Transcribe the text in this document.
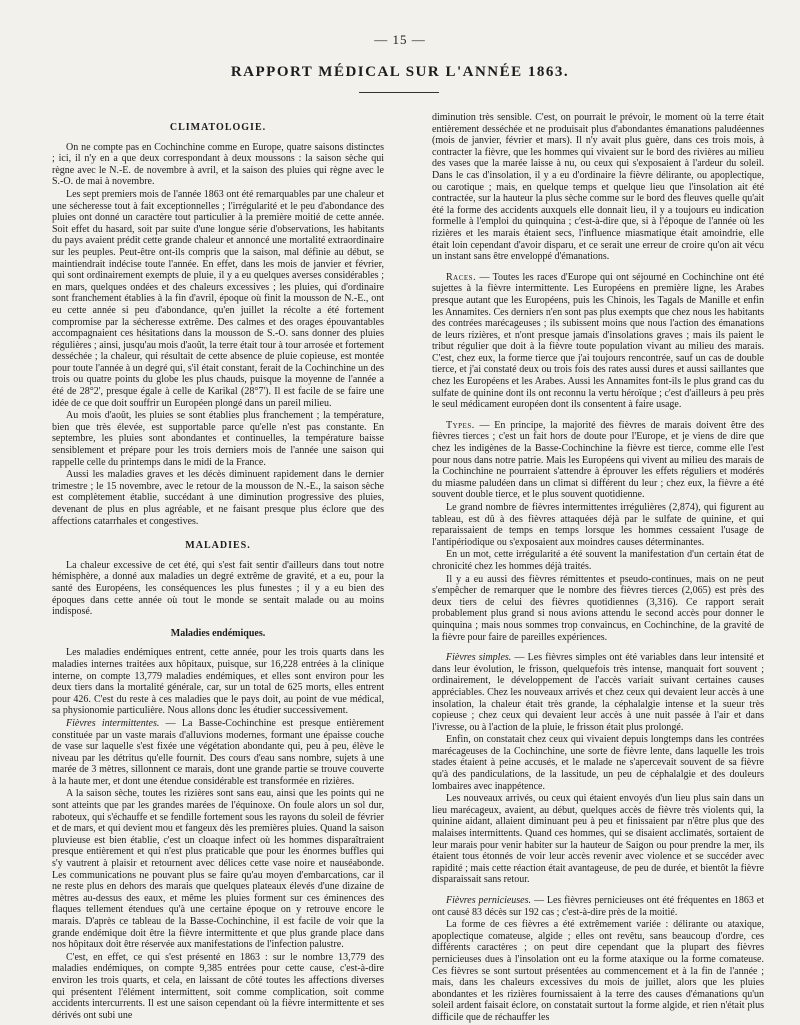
— 15 —
RAPPORT MÉDICAL SUR L'ANNÉE 1863.
CLIMATOLOGIE.

On ne compte pas en Cochinchine comme en Europe, quatre saisons distinctes ; ici, il n'y en a que deux correspondant à deux moussons : la saison sèche qui règne avec le N.-E. de novembre à avril, et la saison des pluies qui règne avec le S.-O. de mai à novembre.

Les sept premiers mois de l'année 1863 ont été remarquables par une chaleur et une sécheresse tout à fait exceptionnelles ; l'irrégularité et le peu d'abondance des pluies ont donné un caractère tout particulier à la première moitié de cette année. Soit effet du hasard, soit par suite d'une longue série d'observations, les habitants du pays avaient prédit cette grande chaleur et annoncé une mortalité extraordinaire sur les peuples. Peut-être ont-ils compris que la saison, mal définie au début, se maintiendrait indécise toute l'année. En effet, dans les mois de janvier et février, qui sont ordinairement exempts de pluie, il y a eu quelques averses considérables ; en mars, quelques ondées et des chaleurs excessives ; les pluies, qui d'ordinaire sont franchement établies à la fin d'avril, époque où finit la mousson de N.-E., ont eu cette année si peu d'abondance, qu'en juillet la récolte a été fortement compromise par la sécheresse extrême. Des calmes et des orages épouvantables accompagnaient ces hésitations dans la mousson de S.-O. sans donner des pluies régulières ; ainsi, jusqu'au mois d'août, la terre était tour à tour arrosée et fortement desséchée ; la chaleur, qui résultait de cette absence de pluie copieuse, est montée pour toute l'année à un degré qui, s'il était constant, ferait de la Cochinchine un des trois ou quatre points du globe les plus chauds, puisque la moyenne de l'année a été de 28°2', presque égale à celle de Karikal (28°7'). Il est facile de se faire une idée de ce que doit souffrir un Européen plongé dans un pareil milieu.

Au mois d'août, les pluies se sont établies plus franchement ; la température, bien que très élevée, est supportable parce qu'elle n'est pas constante. En septembre, les pluies sont abondantes et continuelles, la température baisse sensiblement et prépare pour les trois derniers mois de l'année une saison qui rappelle celle du printemps dans le midi de la France.

Aussi les maladies graves et les décès diminuent rapidement dans le dernier trimestre ; le 15 novembre, avec le retour de la mousson de N.-E., la saison sèche est complètement établie, succédant à une diminution progressive des pluies, devenant de plus en plus agréable, et ne faisant presque plus éclore que des affections catarrhales et congestives.

MALADIES.

La chaleur excessive de cet été, qui s'est fait sentir d'ailleurs dans tout notre hémisphère, a donné aux maladies un degré extrême de gravité, et a eu, pour la santé des Européens, les conséquences les plus funestes ; il y a eu bien des époques dans cette année où tout le monde se sentait malade ou au moins indisposé.

Maladies endémiques.

Les maladies endémiques entrent, cette année, pour les trois quarts dans les maladies internes traitées aux hôpitaux, puisque, sur 16,228 entrées à la clinique interne, on compte 13,779 maladies endémiques, et elles sont environ pour les deux tiers dans la mortalité générale, car, sur un total de 625 morts, elles entrent pour 426. C'est du reste à ces maladies que le pays doit, au point de vue médical, sa physionomie particulière. Nous allons donc les étudier successivement.

Fièvres intermittentes. — La Basse-Cochinchine est presque entièrement constituée par un vaste marais d'alluvions modernes, formant une épaisse couche de vase sur laquelle s'est fixée une végétation abondante qui, peu à peu, élève le niveau par les détritus qu'elle fournit. Des cours d'eau sans nombre, sujets à une marée de 3 mètres, sillonnent ce marais, dont une grande partie se trouve couverte à la haute mer, et dont une étendue considérable est transformée en rizières.

A la saison sèche, toutes les rizières sont sans eau, ainsi que les points qui ne sont atteints que par les grandes marées de l'équinoxe. On foule alors un sol dur, raboteux, qui s'échauffe et se fendille fortement sous les rayons du soleil de février et de mars, et qui devient mou et fangeux dès les premières pluies. Quand la saison pluvieuse est bien établie, c'est un cloaque infect où les hommes disparaîtraient presque entièrement et qui n'est plus praticable que pour les énormes buffles qui s'y vautrent à plaisir et retournent avec délices cette vase noire et nauséabonde. Les communications ne pouvant plus se faire qu'au moyen d'embarcations, car il ne reste plus en dehors des marais que quelques plateaux élevés d'une dizaine de mètres au-dessus des eaux, et même les pluies forment sur ces éminences des flaques tellement étendues qu'à une certaine époque on y retrouve encore le marais. D'après ce tableau de la Basse-Cochinchine, il est facile de voir que la grande endémique doit être la fièvre intermittente et que plus grande place dans nos hôpitaux doit être réservée aux manifestations de l'infection palustre.

C'est, en effet, ce qui s'est présenté en 1863 : sur le nombre 13,779 des maladies endémiques, on compte 9,385 entrées pour cette cause, c'est-à-dire environ les trois quarts, et cela, en laissant de côté toutes les affections diverses qui présentent l'élément intermittent, soit comme complication, soit comme accidents intercurrents. Il est une saison cependant où la fièvre intermittente et ses dérivés ont subi une

diminution très sensible. C'est, on pourrait le prévoir, le moment où la terre était entièrement desséchée et ne produisait plus d'abondantes émanations paludéennes (mois de janvier, février et mars). Il n'y avait plus guère, dans ces trois mois, à contracter la fièvre, que les hommes qui vivaient sur le bord des rivières au milieu des vases que la marée laisse à nu, ou ceux qui s'exposaient à l'ardeur du soleil. Dans le cas d'insolation, il y a eu d'ordinaire la fièvre délirante, ou apoplectique, ou carotique ; mais, en quelque temps et quelque lieu que l'insolation ait été contractée, sur la hauteur la plus sèche comme sur le bord des fleuves quelle qu'ait été la forme des accidents auxquels elle donnait lieu, il y a toujours eu indication formelle à l'emploi du quinquina ; c'est-à-dire que, si à l'époque de l'année où les rizières et les marais étaient secs, l'influence miasmatique était amoindrie, elle était loin cependant d'avoir disparu, et ce serait une erreur de croire qu'on ait vécu un instant sans être enveloppé d'émanations.

Races. — Toutes les races d'Europe qui ont séjourné en Cochinchine ont été sujettes à la fièvre intermittente. Les Européens en première ligne, les Arabes presque autant que les Européens, puis les Chinois, les Tagals de Manille et enfin les Annamites. Ces derniers n'en sont pas plus exempts que chez nous les habitants des contrées marécageuses ; ils subissent moins que nous l'action des émanations de leurs rizières, et n'ont presque jamais d'insolations graves ; mais ils paient le tribut régulier que doit à la fièvre toute population vivant au milieu des marais. C'est, chez eux, la forme tierce que j'ai toujours rencontrée, sauf un cas de double tierce, et j'ai constaté deux ou trois fois des rates aussi dures et aussi saillantes que chez les Européens et les Arabes. Aussi les Annamites font-ils le plus grand cas du sulfate de quinine dont ils ont reconnu la vertu héroïque ; c'est d'ailleurs à peu près le seul médicament européen dont ils consentent à faire usage.

Types. — En principe, la majorité des fièvres de marais doivent être des fièvres tierces ; c'est un fait hors de doute pour l'Europe, et je viens de dire que chez les indigènes de la Basse-Cochinchine la fièvre est tierce, comme elle l'est pour nous dans notre patrie. Mais les Européens qui vivent au milieu des marais de la Cochinchine ne pourraient s'attendre à éprouver les effets réguliers et modérés du miasme paludéen dans un climat si différent du leur ; chez eux, la fièvre a été souvent double tierce, et le plus souvent quotidienne.

Le grand nombre de fièvres intermittentes irrégulières (2,874), qui figurent au tableau, est dû à des fièvres attaquées déjà par le sulfate de quinine, et qui reparaissaient de temps en temps lorsque les hommes cessaient l'usage de l'antipériodique ou s'exposaient aux moindres causes déterminantes.

En un mot, cette irrégularité a été souvent la manifestation d'un certain état de chronicité chez les hommes déjà traités.

Il y a eu aussi des fièvres rémittentes et pseudo-continues, mais on ne peut s'empêcher de remarquer que le nombre des fièvres tierces (2,065) est près des deux tiers de celui des fièvres quotidiennes (3,316). Ce rapport serait probablement plus grand si nous avions attendu le second accès pour donner le quinquina ; mais nous sommes trop convaincus, en Cochinchine, de la gravité de la fièvre pour faire de pareilles expériences.

Fièvres simples. — Les fièvres simples ont été variables dans leur intensité et dans leur évolution, le frisson, quelquefois très intense, manquait fort souvent ; ordinairement, le développement de l'accès variait suivant certaines causes appréciables. Chez les nouveaux arrivés et chez ceux qui devaient leur accès à une insolation, la chaleur était très grande, la céphalalgie intense et la sueur très copieuse ; chez ceux qui devaient leur accès à une nuit passée à l'air et dans l'ivresse, ou à l'action de la pluie, le frisson était plus prolongé.

Enfin, on constatait chez ceux qui vivaient depuis longtemps dans les contrées marécageuses de la Cochinchine, une sorte de fièvre lente, dans laquelle les trois stades étaient à peine accusés, et le malade ne s'apercevait souvent de sa fièvre qu'à des pandiculations, de la lassitude, un peu de céphalalgie et des douleurs lombaires avec inappétence.

Les nouveaux arrivés, ou ceux qui étaient envoyés d'un lieu plus sain dans un lieu marécageux, avaient, au début, quelques accès de fièvre très violents qui, la quinine aidant, allaient diminuant peu à peu et finissaient par n'être plus que des malaises intermittents. Quand ces hommes, qui se disaient acclimatés, sortaient de leur marais pour venir habiter sur la hauteur de Saigon ou pour prendre la mer, ils étaient tous étonnés de voir leur accès revenir avec violence et se succéder avec rapidité ; mais cette réaction était avantageuse, de peu de durée, et bientôt la fièvre disparaissait sans retour.

Fièvres pernicieuses. — Les fièvres pernicieuses ont été fréquentes en 1863 et ont causé 83 décès sur 192 cas ; c'est-à-dire près de la moitié.

La forme de ces fièvres a été extrêmement variée : délirante ou ataxique, apoplectique comateuse, algide ; elles ont revêtu, sans beaucoup d'ordre, ces différents caractères ; on peut dire cependant que la plupart des fièvres pernicieuses dues à l'insolation ont eu la forme ataxique ou la forme comateuse. Ces fièvres se sont surtout présentées au commencement et à la fin de l'année ; mais, dans les chaleurs excessives du mois de juillet, alors que les pluies abondantes et les rizières fournissaient à la terre des causes d'émanations qu'un soleil ardent faisait éclore, on constatait surtout la forme algide, et rien n'était plus difficile que de réchauffer les
